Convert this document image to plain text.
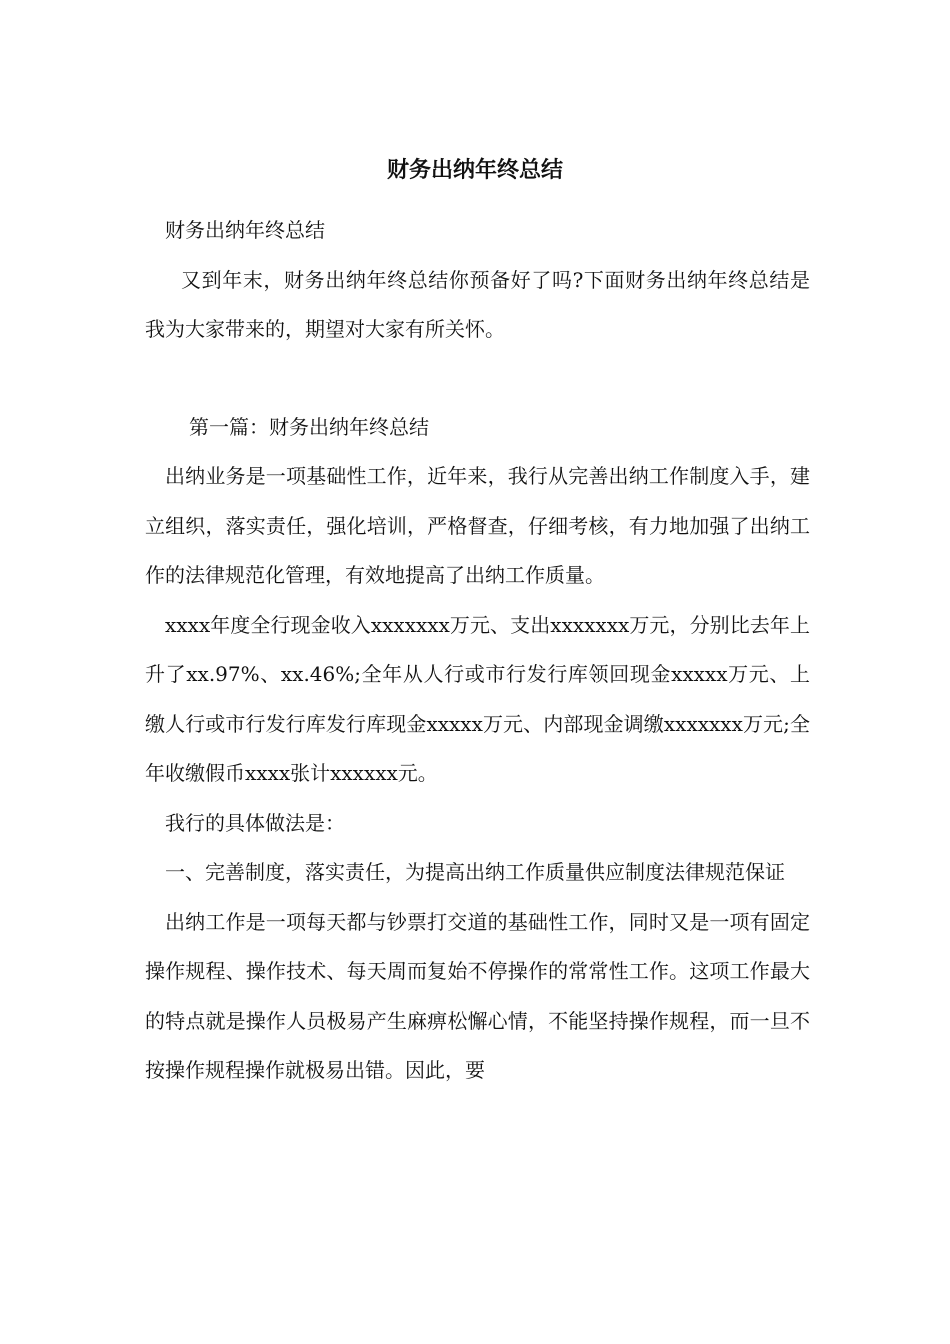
财务出纳年终总结

财务出纳年终总结

又到年末，财务出纳年终总结你预备好了吗?下面财务出纳年终总结是我为大家带来的，期望对大家有所关怀。

第一篇：财务出纳年终总结

出纳业务是一项基础性工作，近年来，我行从完善出纳工作制度入手，建立组织，落实责任，强化培训，严格督查，仔细考核，有力地加强了出纳工作的法律规范化管理，有效地提高了出纳工作质量。

xxxx年度全行现金收入xxxxxxx万元、支出xxxxxxx万元，分别比去年上升了xx.97%、xx.46%;全年从人行或市行发行库领回现金xxxxx万元、上缴人行或市行发行库发行库现金xxxxx万元、内部现金调缴xxxxxxx万元;全年收缴假币xxxx张计xxxxxx元。

我行的具体做法是：

一、完善制度，落实责任，为提高出纳工作质量供应制度法律规范保证

出纳工作是一项每天都与钞票打交道的基础性工作，同时又是一项有固定操作规程、操作技术、每天周而复始不停操作的常常性工作。这项工作最大的特点就是操作人员极易产生麻痹松懈心情，不能坚持操作规程，而一旦不按操作规程操作就极易出错。因此，要
